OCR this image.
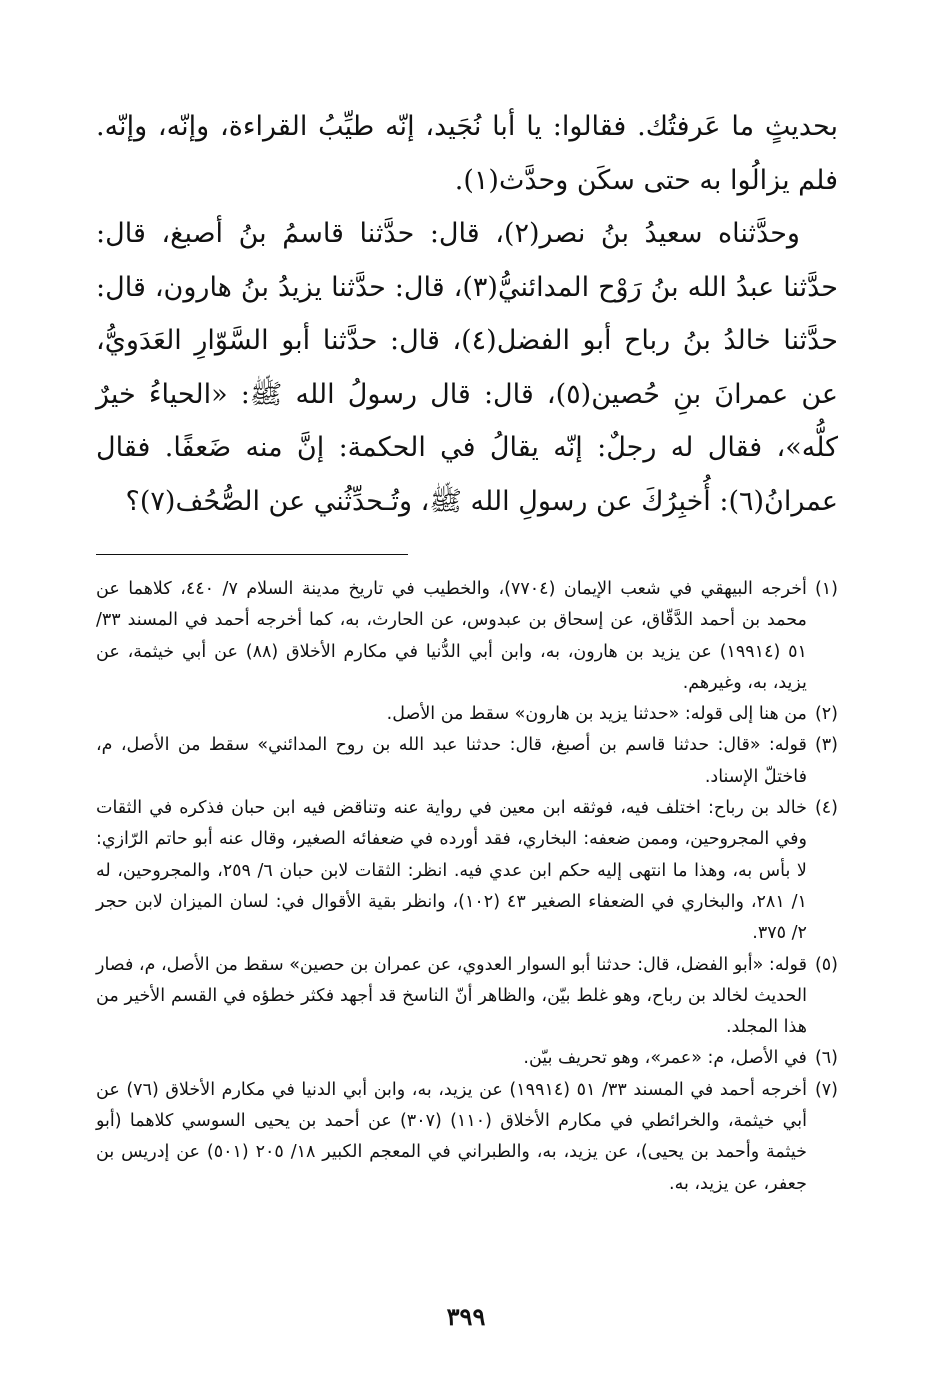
بحديثٍ ما عَرفتُك. فقالوا: يا أبا نُجَيد، إنّه طيِّبُ القراءة، وإنّه، وإنّه. فلم يزالُوا به حتى سكَن وحدَّث(١).

وحدَّثناه سعيدُ بنُ نصر(٢)، قال: حدَّثنا قاسمُ بنُ أصبغ، قال: حدَّثنا عبدُ الله بنُ رَوْح المدائنيُّ(٣)، قال: حدَّثنا يزيدُ بنُ هارون، قال: حدَّثنا خالدُ بنُ رباح أبو الفضل(٤)، قال: حدَّثنا أبو السَّوّارِ العَدَويُّ، عن عمرانَ بنِ حُصين(٥)، قال: قال رسولُ الله ﷺ: «الحياءُ خيرٌ كلُّه»، فقال له رجلٌ: إنّه يقالُ في الحكمة: إنَّ منه ضَعفًا. فقال عمرانُ(٦): أُخبِرُكَ عن رسولِ الله ﷺ، وتُـحدِّثُني عن الصُّحُف(٧)؟

(١)
أخرجه البيهقي في شعب الإيمان (٧٧٠٤)، والخطيب في تاريخ مدينة السلام ٧/ ٤٤٠، كلاهما عن محمد بن أحمد الدَّقّاق، عن إسحاق بن عبدوس، عن الحارث، به، كما أخرجه أحمد في المسند ٣٣/ ٥١ (١٩٩١٤) عن يزيد بن هارون، به، وابن أبي الدُّنيا في مكارم الأخلاق (٨٨) عن أبي خيثمة، عن يزيد، به، وغيرهم.
(٢)
من هنا إلى قوله: «حدثنا يزيد بن هارون» سقط من الأصل.
(٣)
قوله: «قال: حدثنا قاسم بن أصبغ، قال: حدثنا عبد الله بن روح المدائني» سقط من الأصل، م، فاختلّ الإسناد.
(٤)
خالد بن رباح: اختلف فيه، فوثقه ابن معين في رواية عنه وتناقض فيه ابن حبان فذكره في الثقات وفي المجروحين، وممن ضعفه: البخاري، فقد أورده في ضعفائه الصغير، وقال عنه أبو حاتم الرّازي: لا بأس به، وهذا ما انتهى إليه حكم ابن عدي فيه. انظر: الثقات لابن حبان ٦/ ٢٥٩، والمجروحين، له ١/ ٢٨١، والبخاري في الضعفاء الصغير ٤٣ (١٠٢)، وانظر بقية الأقوال في: لسان الميزان لابن حجر ٢/ ٣٧٥.
(٥)
قوله: «أبو الفضل، قال: حدثنا أبو السوار العدوي، عن عمران بن حصين» سقط من الأصل، م، فصار الحديث لخالد بن رباح، وهو غلط بيّن، والظاهر أنّ الناسخ قد أجهد فكثر خطؤه في القسم الأخير من هذا المجلد.
(٦)
في الأصل، م: «عمر»، وهو تحريف بيّن.
(٧)
أخرجه أحمد في المسند ٣٣/ ٥١ (١٩٩١٤) عن يزيد، به، وابن أبي الدنيا في مكارم الأخلاق (٧٦) عن أبي خيثمة، والخرائطي في مكارم الأخلاق (١١٠) (٣٠٧) عن أحمد بن يحيى السوسي كلاهما (أبو خيثمة وأحمد بن يحيى)، عن يزيد، به، والطبراني في المعجم الكبير ١٨/ ٢٠٥ (٥٠١) عن إدريس بن جعفر، عن يزيد، به.
٣٩٩
